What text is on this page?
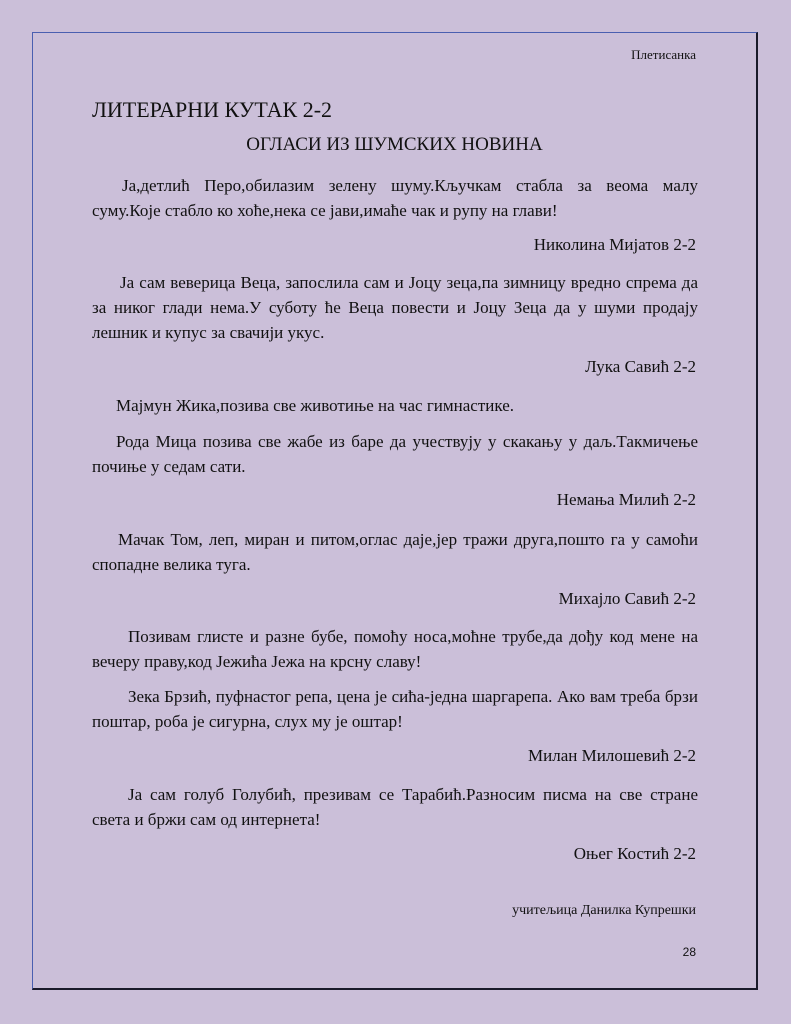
Плетисанка
ЛИТЕРАРНИ КУТАК 2-2
ОГЛАСИ ИЗ ШУМСКИХ НОВИНА

Ја,детлић Перо,обилазим зелену шуму.Кључкам стабла за веома малу суму.Које стабло ко хоће,нека се јави,имаће чак и рупу на глави!

Николина Мијатов 2-2

Ја сам веверица Веца, запослила сам и Јоцу зеца,па зимницу вредно спрема да за никог глади нема.У суботу ће Веца повести и Јоцу Зеца да у шуми продају лешник и купус за свачији укус.

Лука Савић 2-2

Мајмун Жика,позива све животиње на час гимнастике.

Рода Мица позива све жабе из баре да учествују у скакању у даљ.Такмичење почиње у седам сати.

Немања Милић 2-2

Мачак Том, леп, миран и питом,оглас даје,јер тражи друга,пошто га у самоћи спопадне велика туга.

Михајло Савић 2-2

Позивам глисте и разне бубе, помоћу носа,моћне трубе,да дођу код мене на вечеру праву,код Јежића Јежа на крсну славу!

Зека Брзић, пуфнастог репа, цена је сића-једна шаргарепа. Ако вам треба брзи поштар, роба је сигурна, слух му је оштар!

Милан Милошевић 2-2

Ја сам голуб Голубић, презивам се Тарабић.Разносим писма на све стране света и бржи сам од интернета!

Оњег Костић 2-2
учитељица Данилка Купрешки
28
